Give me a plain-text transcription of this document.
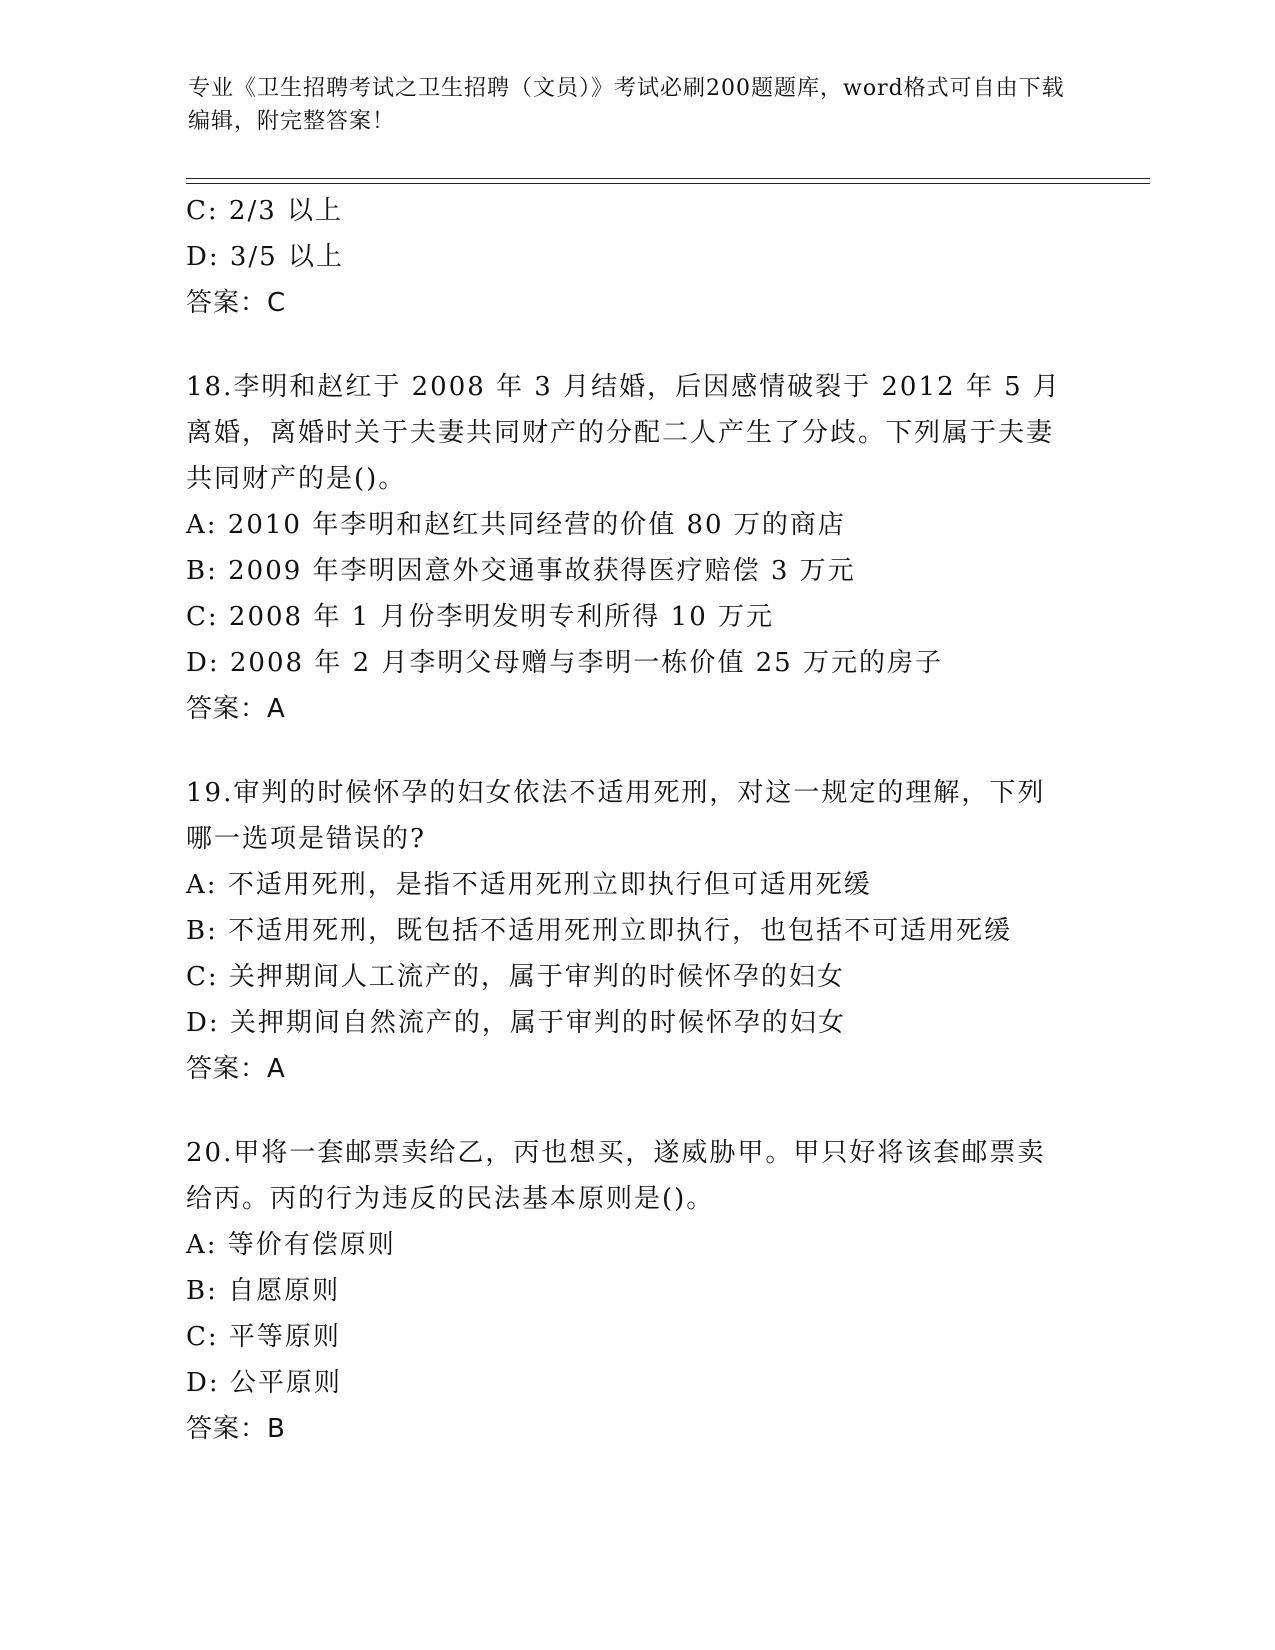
专业《卫生招聘考试之卫生招聘（文员）》考试必刷200题题库，word格式可自由下载编辑，附完整答案！
C: 2/3 以上
D: 3/5 以上
答案：C
18.李明和赵红于 2008 年 3 月结婚，后因感情破裂于 2012 年 5 月离婚，离婚时关于夫妻共同财产的分配二人产生了分歧。下列属于夫妻共同财产的是()。
A: 2010 年李明和赵红共同经营的价值 80 万的商店
B: 2009 年李明因意外交通事故获得医疗赔偿 3 万元
C: 2008 年 1 月份李明发明专利所得 10 万元
D: 2008 年 2 月李明父母赠与李明一栋价值 25 万元的房子
答案：A
19.审判的时候怀孕的妇女依法不适用死刑，对这一规定的理解，下列哪一选项是错误的?
A: 不适用死刑，是指不适用死刑立即执行但可适用死缓
B: 不适用死刑，既包括不适用死刑立即执行，也包括不可适用死缓
C: 关押期间人工流产的，属于审判的时候怀孕的妇女
D: 关押期间自然流产的，属于审判的时候怀孕的妇女
答案：A
20.甲将一套邮票卖给乙，丙也想买，遂威胁甲。甲只好将该套邮票卖给丙。丙的行为违反的民法基本原则是()。
A: 等价有偿原则
B: 自愿原则
C: 平等原则
D: 公平原则
答案：B
